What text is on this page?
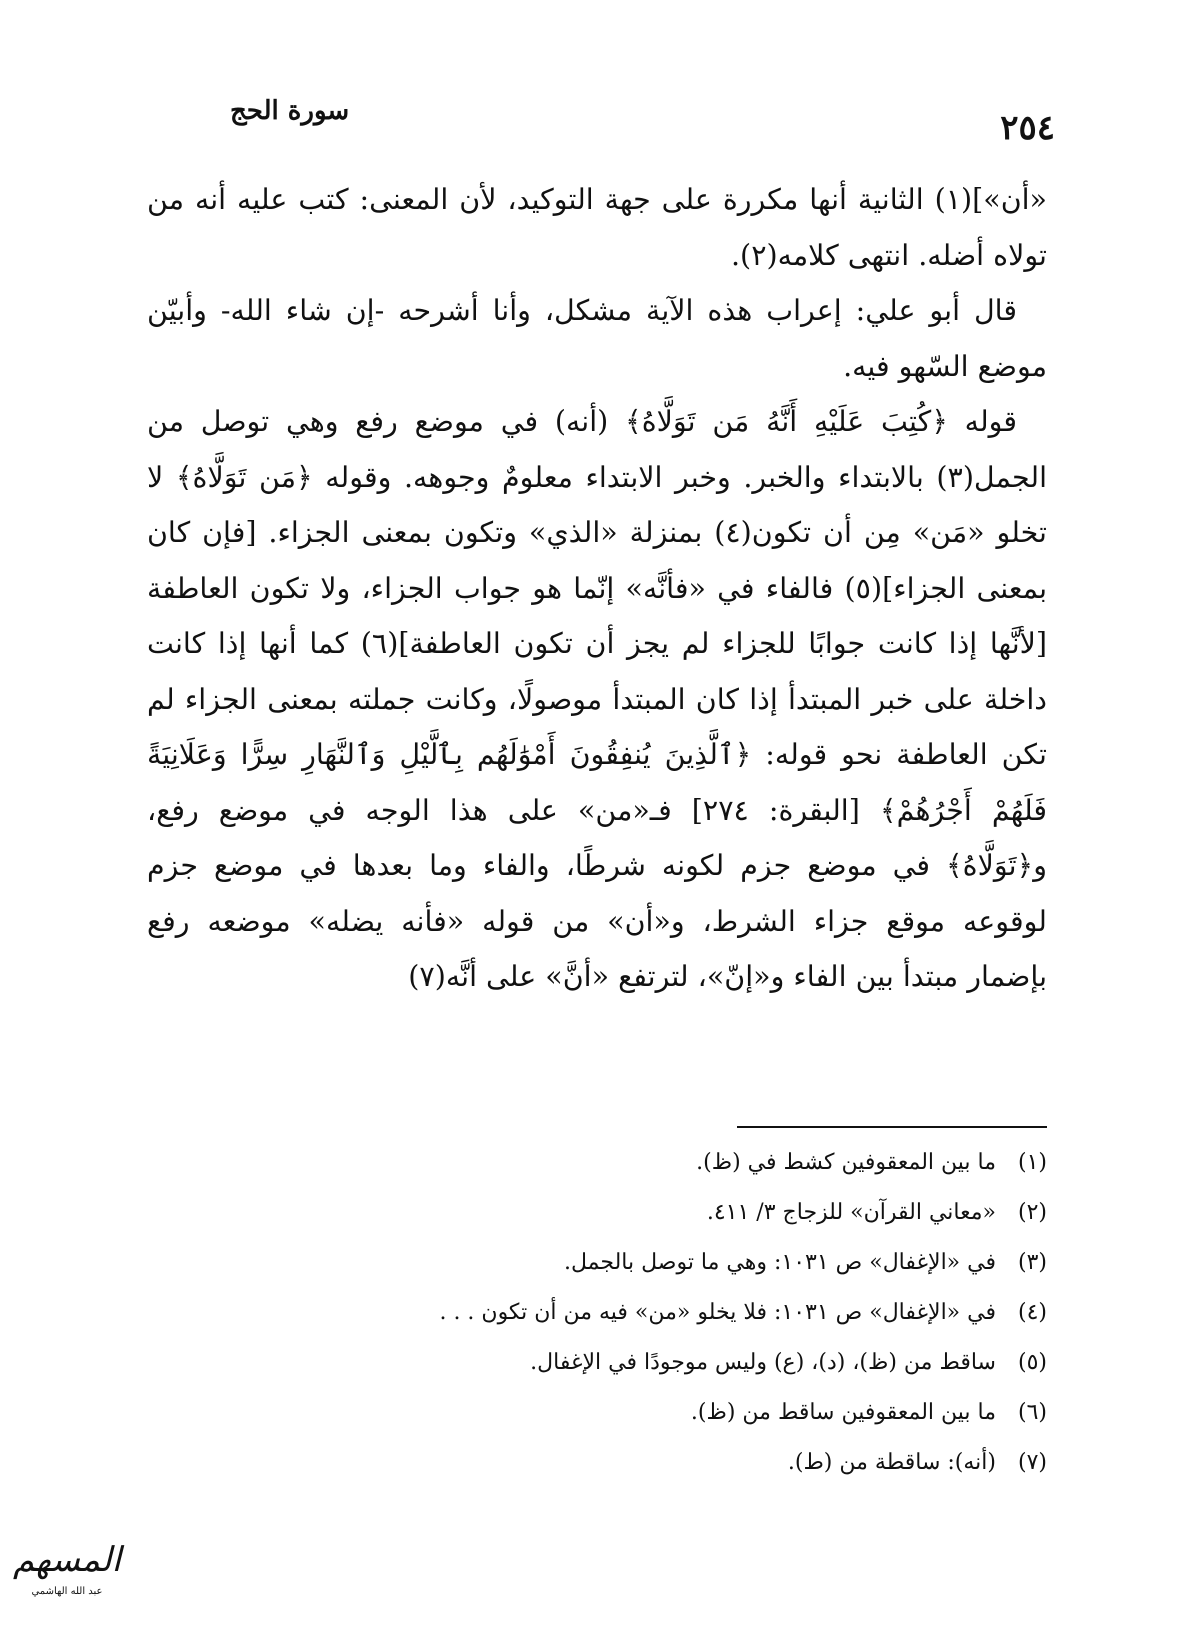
٢٥٤
سورة الحج

«أن»](١) الثانية أنها مكررة على جهة التوكيد، لأن المعنى: كتب عليه أنه من تولاه أضله. انتهى كلامه(٢).

قال أبو علي: إعراب هذه الآية مشكل، وأنا أشرحه -إن شاء الله- وأبيّن موضع السّهو فيه.

قوله ﴿كُتِبَ عَلَيْهِ أَنَّهُ مَن تَوَلَّاهُ﴾ (أنه) في موضع رفع وهي توصل من الجمل(٣) بالابتداء والخبر. وخبر الابتداء معلومٌ وجوهه. وقوله ﴿مَن تَوَلَّاهُ﴾ لا تخلو «مَن» مِن أن تكون(٤) بمنزلة «الذي» وتكون بمعنى الجزاء. [فإن كان بمعنى الجزاء](٥) فالفاء في «فأنَّه» إنّما هو جواب الجزاء، ولا تكون العاطفة [لأنَّها إذا كانت جوابًا للجزاء لم يجز أن تكون العاطفة](٦) كما أنها إذا كانت داخلة على خبر المبتدأ إذا كان المبتدأ موصولًا، وكانت جملته بمعنى الجزاء لم تكن العاطفة نحو قوله: ﴿ٱلَّذِينَ يُنفِقُونَ أَمْوَٰلَهُم بِٱلَّيْلِ وَٱلنَّهَارِ سِرًّا وَعَلَانِيَةً فَلَهُمْ أَجْرُهُمْ﴾ [البقرة: ٢٧٤] فـ«من» على هذا الوجه في موضع رفع، و﴿تَوَلَّاهُ﴾ في موضع جزم لكونه شرطًا، والفاء وما بعدها في موضع جزم لوقوعه موقع جزاء الشرط، و«أن» من قوله «فأنه يضله» موضعه رفع بإضمار مبتدأ بين الفاء و«إنّ»، لترتفع «أنَّ» على أنَّه(٧)

(١) ما بين المعقوفين كشط في (ظ).
(٢) «معاني القرآن» للزجاج ٣/ ٤١١.
(٣) في «الإغفال» ص ١٠٣١: وهي ما توصل بالجمل.
(٤) في «الإغفال» ص ١٠٣١: فلا يخلو «من» فيه من أن تكون . . .
(٥) ساقط من (ظ)، (د)، (ع) وليس موجودًا في الإغفال.
(٦) ما بين المعقوفين ساقط من (ظ).
(٧) (أنه): ساقطة من (ط).
المسهم
عبد الله الهاشمي
